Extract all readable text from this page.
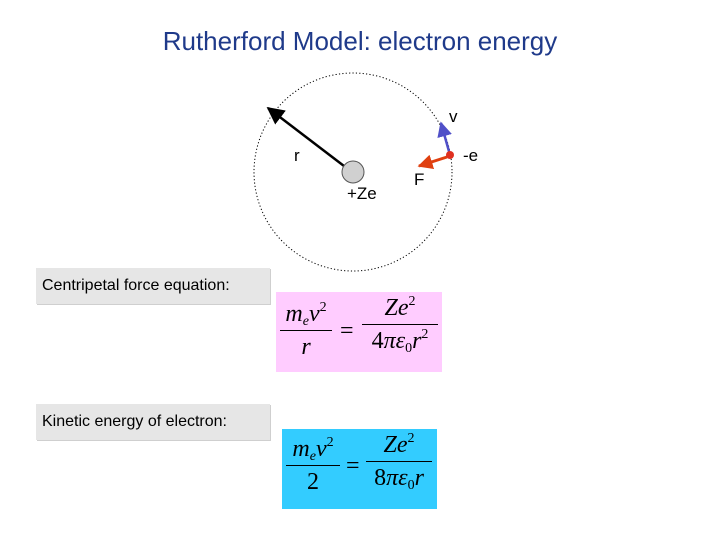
Rutherford Model: electron energy
r
v
-e
+Ze
F
Centripetal force equation:
Kinetic energy of electron:
$m_ev^2$
r
=
$Ze^2$
$4\pi\varepsilon_0r^2$
$m_ev^2$
2
=
$Ze^2$
$8\pi\varepsilon_0r$
